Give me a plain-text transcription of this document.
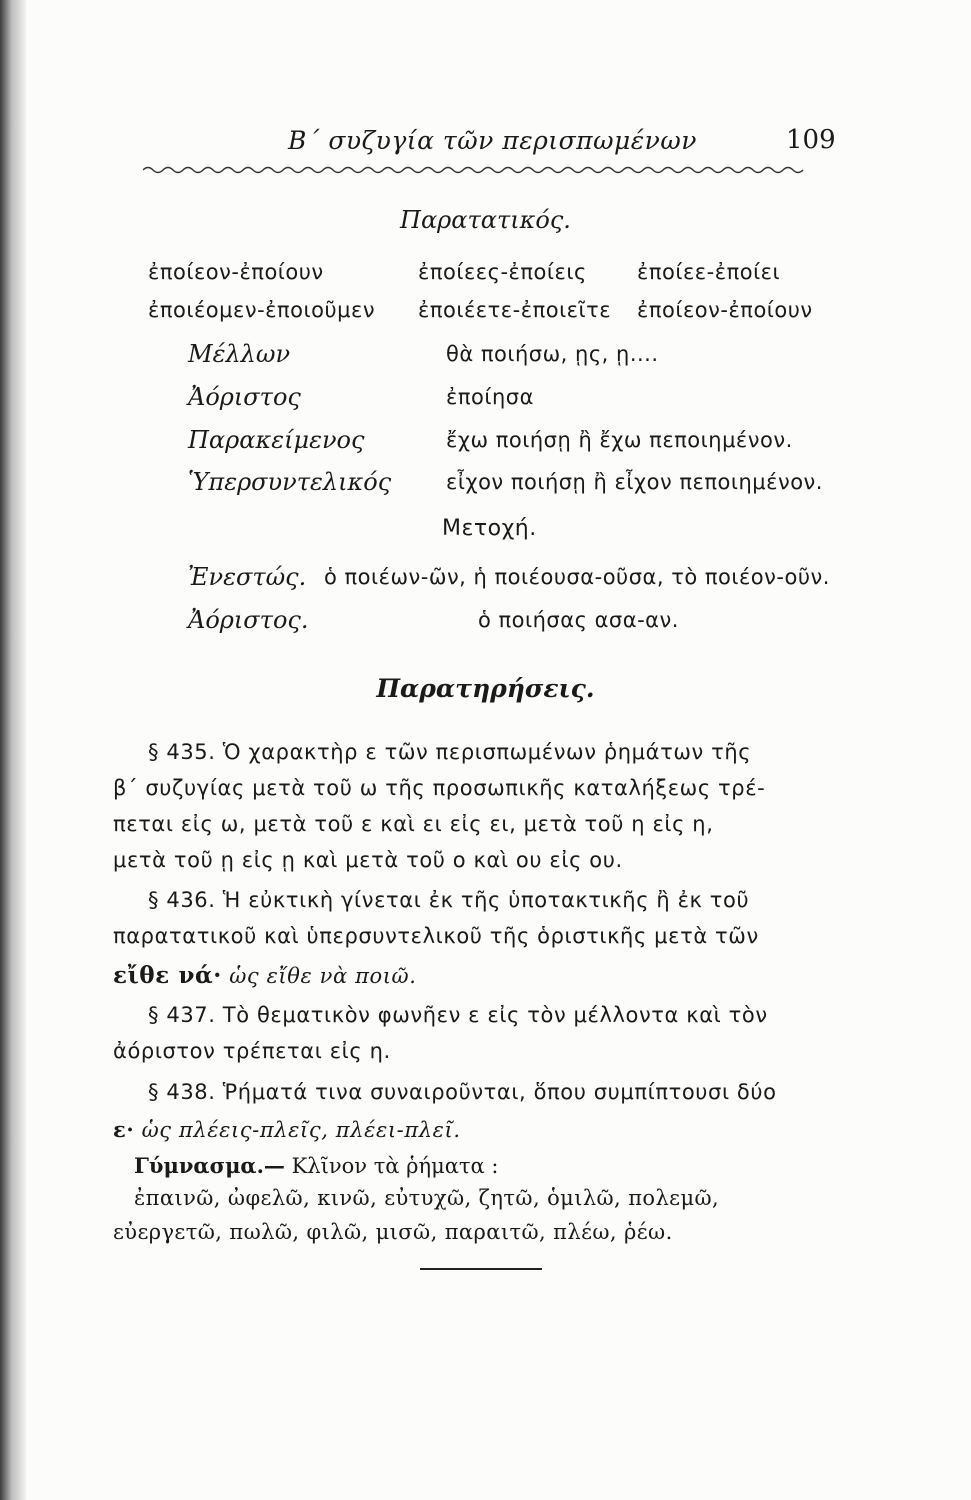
Β΄ συζυγία τῶν περισπωμένων	109
Παρατατικός.
ἐποίεον-ἐποίουν	ἐποίεες-ἐποίεις ἐποίεε-ἐποίει
ἐποιέομεν-ἐποιοῦμεν ἐποιέετε-ἐποιεῖτε ἐποίεον-ἐποίουν
Μέλλων	θὰ ποιήσω, ῃς, ῃ....
Ἀόριστος	ἐποίησα
Παρακείμενος	ἔχω ποιήσῃ ἢ ἔχω πεποιημένον.
Ὑπερσυντελικός	εἶχον ποιήσῃ ἢ εἶχον πεποιημένον.
Μετοχή.
Ἐνεστώς. ὁ ποιέων-ῶν, ἡ ποιέουσα-οῦσα, τὸ ποιέον-οῦν.
Ἀόριστος.	ὁ ποιήσας ασα-αν.
Παρατηρήσεις.
§ 435. Ὁ χαρακτὴρ ε τῶν περισπωμένων ῥημάτων τῆς
β΄ συζυγίας μετὰ τοῦ ω τῆς προσωπικῆς καταλήξεως τρέ-
πεται εἰς ω, μετὰ τοῦ ε καὶ ει εἰς ει, μετὰ τοῦ η εἰς η,
μετὰ τοῦ ῃ εἰς ῃ καὶ μετὰ τοῦ ο καὶ ου εἰς ου.
§ 436. Ἡ εὐκτικὴ γίνεται ἐκ τῆς ὑποτακτικῆς ἢ ἐκ τοῦ
παρατατικοῦ καὶ ὑπερσυντελικοῦ τῆς ὁριστικῆς μετὰ τῶν
εἴθε νά· ὡς εἴθε νὰ ποιῶ.
§ 437. Τὸ θεματικὸν φωνῆεν ε εἰς τὸν μέλλοντα καὶ τὸν
ἀόριστον τρέπεται εἰς η.
§ 438. Ῥήματά τινα συναιροῦνται, ὅπου συμπίπτουσι δύο
ε· ὡς πλέεις-πλεῖς, πλέει-πλεῖ.
Γύμνασμα.— Κλῖνον τὰ ῥήματα :
ἐπαινῶ, ὠφελῶ, κινῶ, εὐτυχῶ, ζητῶ, ὁμιλῶ, πολεμῶ,
εὐεργετῶ, πωλῶ, φιλῶ, μισῶ, παραιτῶ, πλέω, ῥέω.
